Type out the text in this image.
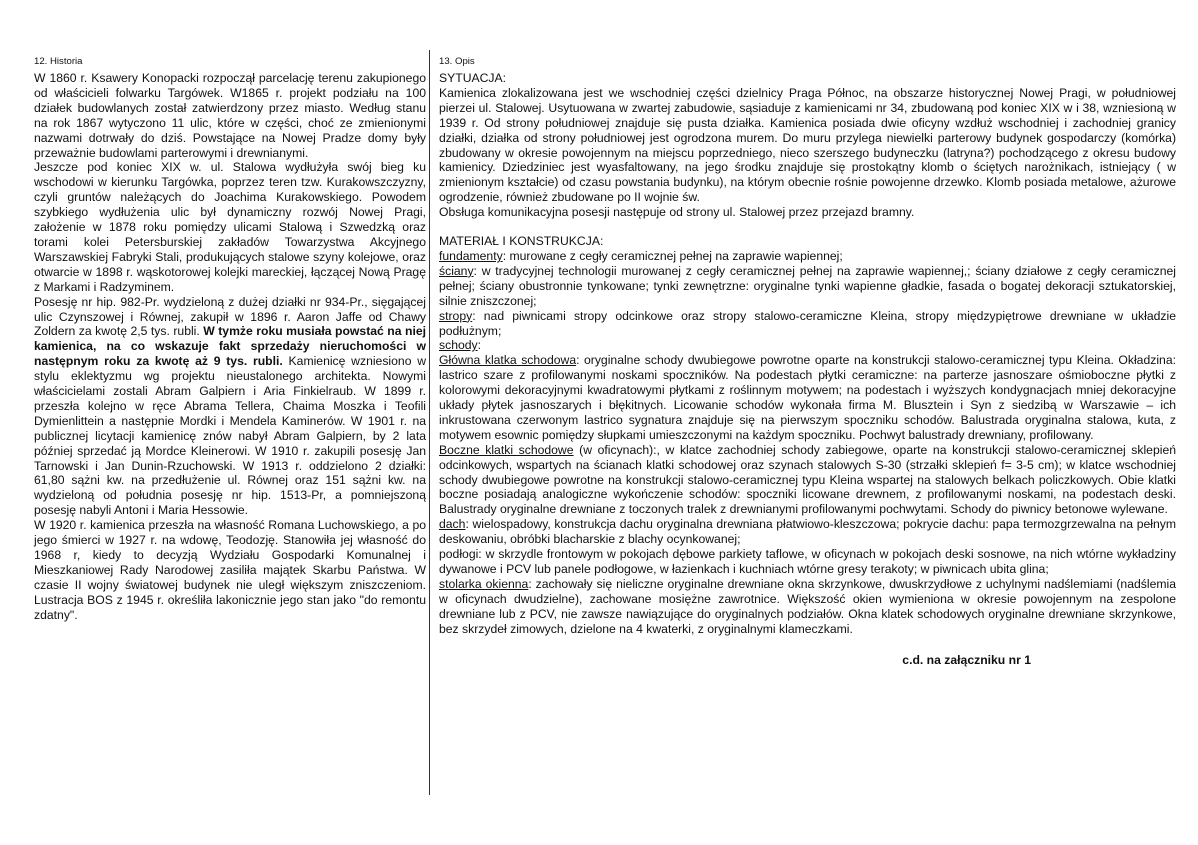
12. Historia

W 1860 r. Ksawery Konopacki rozpoczął parcelację terenu zakupionego od właścicieli folwarku Targówek. W1865 r. projekt podziału na 100 działek budowlanych został zatwierdzony przez miasto. Według stanu na rok 1867 wytyczono 11 ulic, które w części, choć ze zmienionymi nazwami dotrwały do dziś. Powstające na Nowej Pradze domy były przeważnie budowlami parterowymi i drewnianymi.

Jeszcze pod koniec XIX w. ul. Stalowa wydłużyła swój bieg ku wschodowi w kierunku Targówka, poprzez teren tzw. Kurakowszczyzny, czyli gruntów należących do Joachima Kurakowskiego. Powodem szybkiego wydłużenia ulic był dynamiczny rozwój Nowej Pragi, założenie w 1878 roku pomiędzy ulicami Stalową i Szwedzką oraz torami kolei Petersburskiej zakładów Towarzystwa Akcyjnego Warszawskiej Fabryki Stali, produkujących stalowe szyny kolejowe, oraz otwarcie w 1898 r. wąskotorowej kolejki mareckiej, łączącej Nową Pragę z Markami i Radzyminem.

Posesję nr hip. 982-Pr. wydzieloną z dużej działki nr 934-Pr., sięgającej ulic Czynszowej i Równej, zakupił w 1896 r. Aaron Jaffe od Chawy Zoldern za kwotę 2,5 tys. rubli. W tymże roku musiała powstać na niej kamienica, na co wskazuje fakt sprzedaży nieruchomości w następnym roku za kwotę aż 9 tys. rubli. Kamienicę wzniesiono w stylu eklektyzmu wg projektu nieustalonego architekta. Nowymi właścicielami zostali Abram Galpiern i Aria Finkielraub. W 1899 r. przeszła kolejno w ręce Abrama Tellera, Chaima Moszka i Teofili Dymienlittein a następnie Mordki i Mendela Kaminerów. W 1901 r. na publicznej licytacji kamienicę znów nabył Abram Galpiern, by 2 lata później sprzedać ją Mordce Kleinerowi. W 1910 r. zakupili posesję Jan Tarnowski i Jan Dunin-Rzuchowski. W 1913 r. oddzielono 2 działki: 61,80 sążni kw. na przedłużenie ul. Równej oraz 151 sążni kw. na wydzieloną od południa posesję nr hip. 1513-Pr, a pomniejszoną posesję nabyli Antoni i Maria Hessowie.

W 1920 r. kamienica przeszła na własność Romana Luchowskiego, a po jego śmierci w 1927 r. na wdowę, Teodozję. Stanowiła jej własność do 1968 r, kiedy to decyzją Wydziału Gospodarki Komunalnej i Mieszkaniowej Rady Narodowej zasiliła majątek Skarbu Państwa. W czasie II wojny światowej budynek nie uległ większym zniszczeniom. Lustracja BOS z 1945 r. określiła lakonicznie jego stan jako "do remontu zdatny".

13. Opis

SYTUACJA:

Kamienica zlokalizowana jest we wschodniej części dzielnicy Praga Północ, na obszarze historycznej Nowej Pragi, w południowej pierzei ul. Stalowej. Usytuowana w zwartej zabudowie, sąsiaduje z kamienicami nr 34, zbudowaną pod koniec XIX w i 38, wzniesioną w 1939 r. Od strony południowej znajduje się pusta działka. Kamienica posiada dwie oficyny wzdłuż wschodniej i zachodniej granicy działki, działka od strony południowej jest ogrodzona murem. Do muru przylega niewielki parterowy budynek gospodarczy (komórka) zbudowany w okresie powojennym na miejscu poprzedniego, nieco szerszego budyneczku (latryna?) pochodzącego z okresu budowy kamienicy. Dziedziniec jest wyasfaltowany, na jego środku znajduje się prostokątny klomb o ściętych narożnikach, istniejący ( w zmienionym kształcie) od czasu powstania budynku), na którym obecnie rośnie powojenne drzewko. Klomb posiada metalowe, ażurowe ogrodzenie, również zbudowane po II wojnie św.

Obsługa komunikacyjna posesji następuje od strony ul. Stalowej przez przejazd bramny.

MATERIAŁ I KONSTRUKCJA:

fundamenty: murowane z cegły ceramicznej pełnej na zaprawie wapiennej;

ściany: w tradycyjnej technologii murowanej z cegły ceramicznej pełnej na zaprawie wapiennej,; ściany działowe z cegły ceramicznej pełnej; ściany obustronnie tynkowane; tynki zewnętrzne: oryginalne tynki wapienne gładkie, fasada o bogatej dekoracji sztukatorskiej, silnie zniszczonej;

stropy: nad piwnicami stropy odcinkowe oraz stropy stalowo-ceramiczne Kleina, stropy międzypiętrowe drewniane w układzie podłużnym;

schody:

Główna klatka schodowa: oryginalne schody dwubiegowe powrotne oparte na konstrukcji stalowo-ceramicznej typu Kleina. Okładzina: lastrico szare z profilowanymi noskami spoczników. Na podestach płytki ceramiczne: na parterze jasnoszare ośmioboczne płytki z kolorowymi dekoracyjnymi kwadratowymi płytkami z roślinnym motywem; na podestach i wyższych kondygnacjach mniej dekoracyjne układy płytek jasnoszarych i błękitnych. Licowanie schodów wykonała firma M. Blusztein i Syn z siedzibą w Warszawie – ich inkrustowana czerwonym lastrico sygnatura znajduje się na pierwszym spoczniku schodów. Balustrada oryginalna stalowa, kuta, z motywem esownic pomiędzy słupkami umieszczonymi na każdym spoczniku. Pochwyt balustrady drewniany, profilowany.

Boczne klatki schodowe (w oficynach):, w klatce zachodniej schody zabiegowe, oparte na konstrukcji stalowo-ceramicznej sklepień odcinkowych, wspartych na ścianach klatki schodowej oraz szynach stalowych S-30 (strzałki sklepień f= 3-5 cm); w klatce wschodniej schody dwubiegowe powrotne na konstrukcji stalowo-ceramicznej typu Kleina wspartej na stalowych belkach policzkowych. Obie klatki boczne posiadają analogiczne wykończenie schodów: spoczniki licowane drewnem, z profilowanymi noskami, na podestach deski. Balustrady oryginalne drewniane z toczonych tralek z drewnianymi profilowanymi pochwytami. Schody do piwnicy betonowe wylewane.

dach: wielospadowy, konstrukcja dachu oryginalna drewniana płatwiowo-kleszczowa; pokrycie dachu: papa termozgrzewalna na pełnym deskowaniu, obróbki blacharskie z blachy ocynkowanej;

podłogi: w skrzydle frontowym w pokojach dębowe parkiety taflowe, w oficynach w pokojach deski sosnowe, na nich wtórne wykładziny dywanowe i PCV lub panele podłogowe, w łazienkach i kuchniach wtórne gresy terakoty; w piwnicach ubita glina;

stolarka okienna: zachowały się nieliczne oryginalne drewniane okna skrzynkowe, dwuskrzydłowe z uchylnymi nadślemiami (nadślemia w oficynach dwudzielne), zachowane mosiężne zawrotnice. Większość okien wymieniona w okresie powojennym na zespolone drewniane lub z PCV, nie zawsze nawiązujące do oryginalnych podziałów. Okna klatek schodowych oryginalne drewniane skrzynkowe, bez skrzydeł zimowych, dzielone na 4 kwaterki, z oryginalnymi klameczkami.

c.d. na załączniku nr 1
